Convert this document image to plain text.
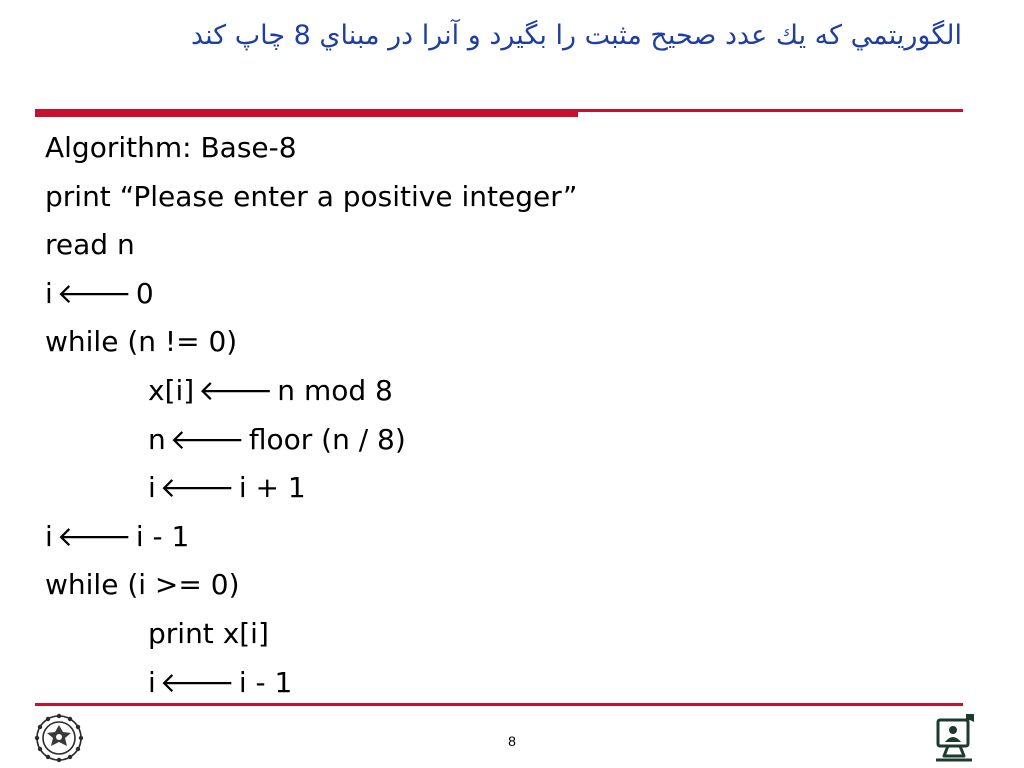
الگوريتمي كه يك عدد صحيح مثبت را بگيرد و آنرا در مبناي 8 چاپ كند
Algorithm: Base-8
print “Please enter a positive integer”
read n
i 🡐 0
while (n != 0)
x[i] 🡐 n mod 8
n 🡐 floor (n / 8)
i 🡐 i + 1
i 🡐 i - 1
while (i >= 0)
print x[i]
i 🡐 i - 1
8
